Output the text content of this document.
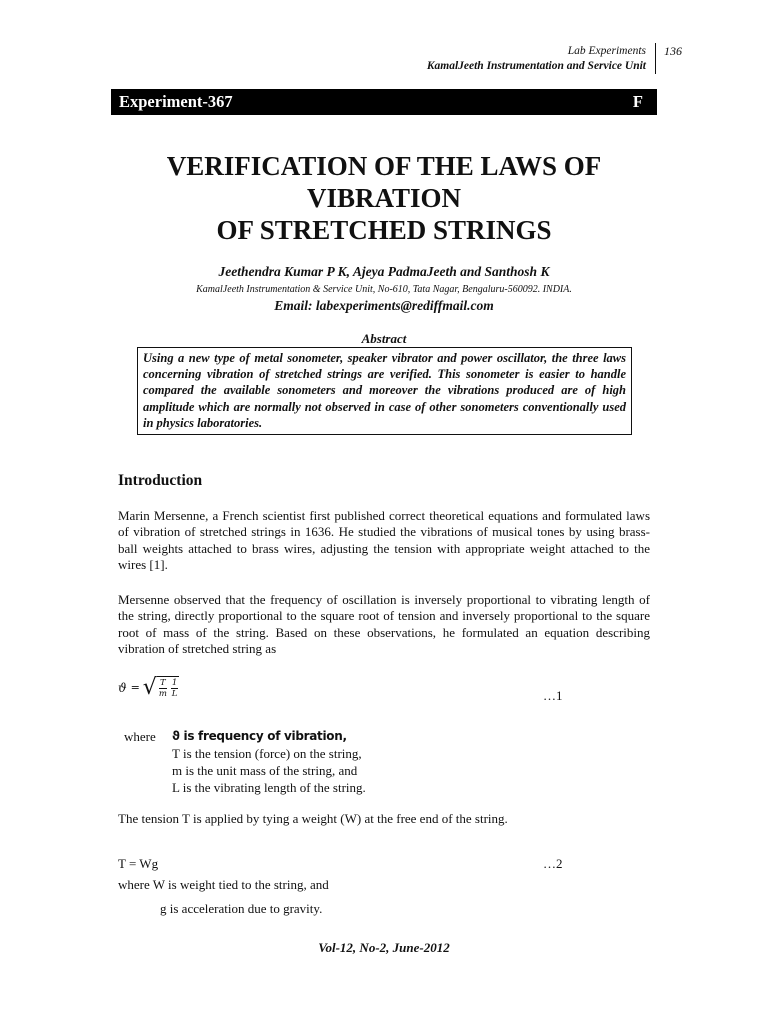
Lab Experiments
KamalJeeth Instrumentation and Service Unit
136
Experiment-367	F
VERIFICATION OF THE LAWS OF
VIBRATION
OF STRETCHED STRINGS
Jeethendra Kumar P K, Ajeya PadmaJeeth and Santhosh K
KamalJeeth Instrumentation & Service Unit, No-610, Tata Nagar, Bengaluru-560092. INDIA.
Email: labexperiments@rediffmail.com
Abstract
Using a new type of metal sonometer, speaker vibrator and power oscillator, the three laws concerning vibration of stretched strings are verified. This sonometer is easier to handle compared the available sonometers and moreover the vibrations produced are of high amplitude which are normally not observed in case of other sonometers conventionally used in physics laboratories.
Introduction
Marin Mersenne, a French scientist first published correct theoretical equations and formulated laws of vibration of stretched strings in 1636. He studied the vibrations of musical tones by using brass-ball weights attached to brass wires, adjusting the tension with appropriate weight attached to the wires [1].
Mersenne observed that the frequency of oscillation is inversely proportional to vibrating length of the string, directly proportional to the square root of tension and inversely proportional to the square root of mass of the string. Based on these observations, he formulated an equation describing vibration of stretched string as
ϑ = √ $\frac{T}{m} \frac{1}{L}$	…1
where ϑ is frequency of vibration,
T is the tension (force) on the string,
m is the unit mass of the string, and
L is the vibrating length of the string.
The tension T is applied by tying a weight (W) at the free end of the string.
T = Wg	…2
where W is weight tied to the string, and
g is acceleration due to gravity.
Vol-12, No-2, June-2012
